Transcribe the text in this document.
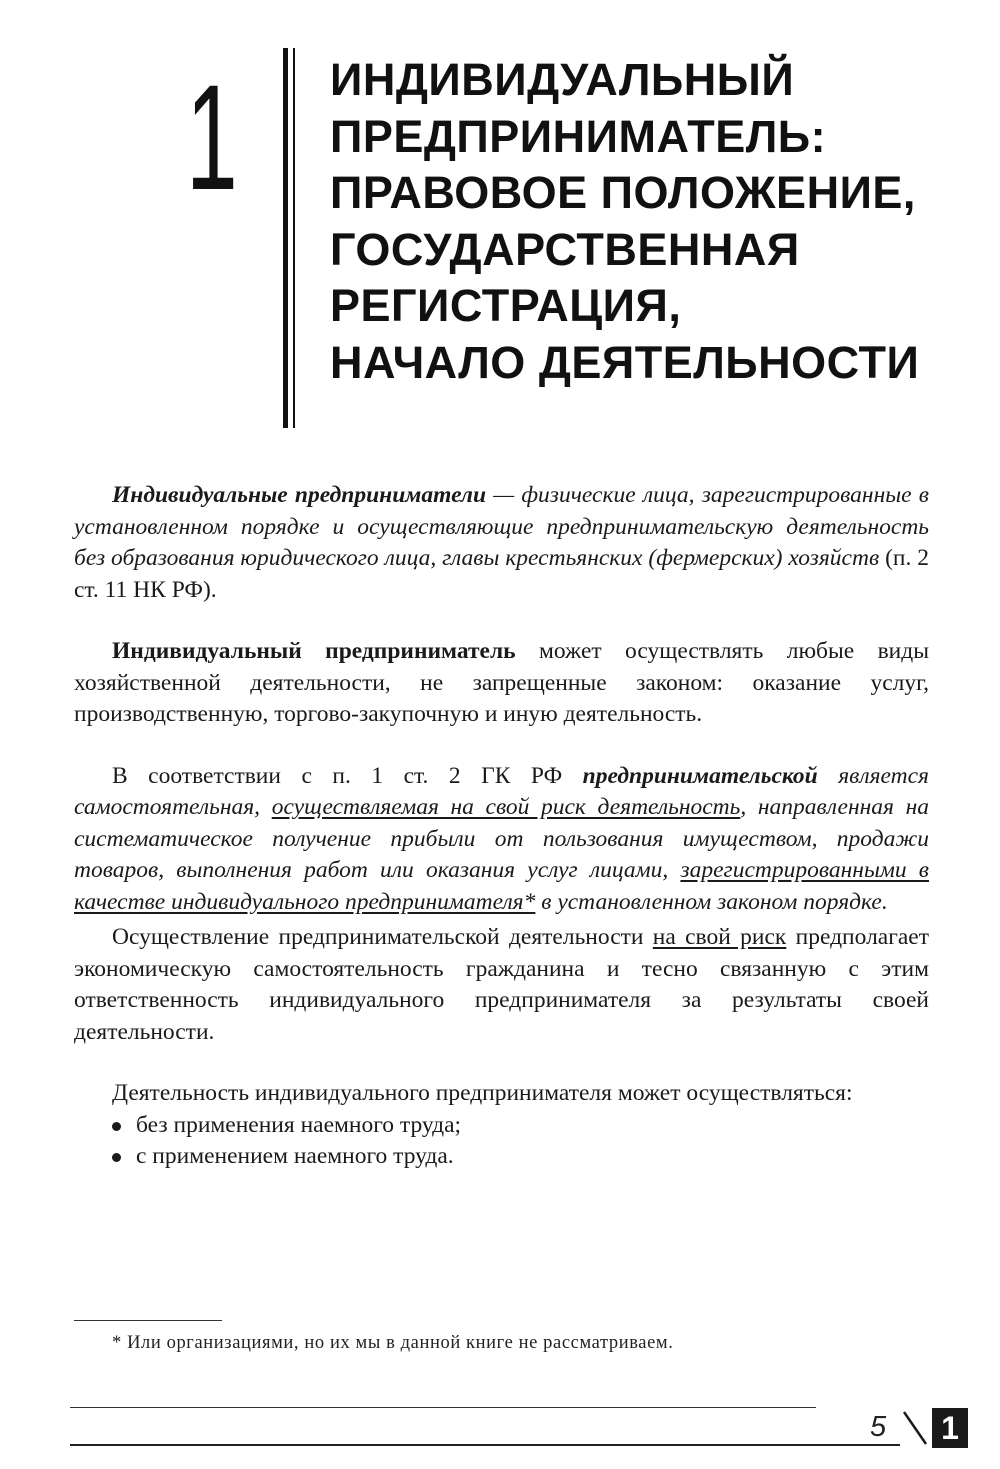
1 ИНДИВИДУАЛЬНЫЙ
ПРЕДПРИНИМАТЕЛЬ:
ПРАВОВОЕ ПОЛОЖЕНИЕ,
ГОСУДАРСТВЕННАЯ
РЕГИСТРАЦИЯ,
НАЧАЛО ДЕЯТЕЛЬНОСТИ

Индивидуальные предприниматели — физические лица, зарегистрированные в установленном порядке и осуществляющие предпринимательскую деятельность без образования юридического лица, главы крестьянских (фермерских) хозяйств (п. 2 ст. 11 НК РФ).

Индивидуальный предприниматель может осуществлять любые виды хозяйственной деятельности, не запрещенные законом: оказание услуг, производственную, торгово-закупочную и иную деятельность.

В соответствии с п. 1 ст. 2 ГК РФ предпринимательской является самостоятельная, осуществляемая на свой риск деятельность, направленная на систематическое получение прибыли от пользования имуществом, продажи товаров, выполнения работ или оказания услуг лицами, зарегистрированными в качестве индивидуального предпринимателя* в установленном законом порядке.

Осуществление предпринимательской деятельности на свой риск предполагает экономическую самостоятельность гражданина и тесно связанную с этим ответственность индивидуального предпринимателя за результаты своей деятельности.

Деятельность индивидуального предпринимателя может осуществляться:

без применения наемного труда;
с применением наемного труда.
* Или организациями, но их мы в данной книге не рассматриваем.
5 1
